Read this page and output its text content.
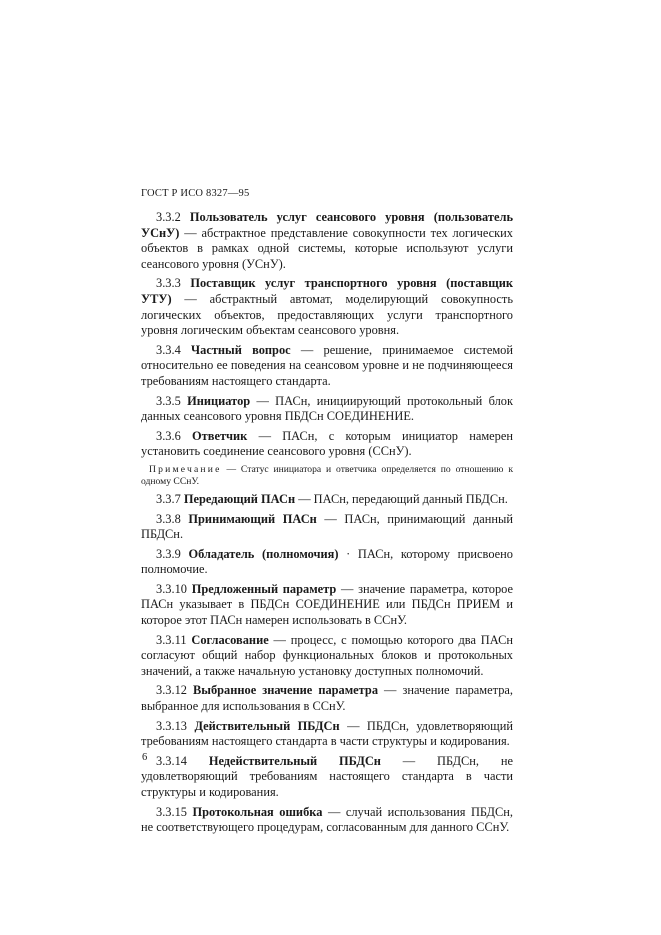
ГОСТ Р ИСО 8327—95

3.3.2 Пользователь услуг сеансового уровня (пользователь УСнУ) — абстрактное представление совокупности тех логических объектов в рамках одной системы, которые используют услуги сеансового уровня (УСнУ).

3.3.3 Поставщик услуг транспортного уровня (поставщик УТУ) — абстрактный автомат, моделирующий совокупность логических объектов, предоставляющих услуги транспортного уровня логическим объектам сеансового уровня.

3.3.4 Частный вопрос — решение, принимаемое системой относительно ее поведения на сеансовом уровне и не подчиняющееся требованиям настоящего стандарта.

3.3.5 Инициатор — ПАСн, инициирующий протокольный блок данных сеансового уровня ПБДСн СОЕДИНЕНИЕ.

3.3.6 Ответчик — ПАСн, с которым инициатор намерен установить соединение сеансового уровня (ССнУ).

Примечание — Статус инициатора и ответчика определяется по отношению к одному ССнУ.

3.3.7 Передающий ПАСн — ПАСн, передающий данный ПБДСн.

3.3.8 Принимающий ПАСн — ПАСн, принимающий данный ПБДСн.

3.3.9 Обладатель (полномочия) · ПАСн, которому присвоено полномочие.

3.3.10 Предложенный параметр — значение параметра, которое ПАСн указывает в ПБДСн СОЕДИНЕНИЕ или ПБДСн ПРИЕМ и которое этот ПАСн намерен использовать в ССнУ.

3.3.11 Согласование — процесс, с помощью которого два ПАСн согласуют общий набор функциональных блоков и протокольных значений, а также начальную установку доступных полномочий.

3.3.12 Выбранное значение параметра — значение параметра, выбранное для использования в ССнУ.

3.3.13 Действительный ПБДСн — ПБДСн, удовлетворяющий требованиям настоящего стандарта в части структуры и кодирования.

3.3.14 Недействительный ПБДСн — ПБДСн, не удовлетворяющий требованиям настоящего стандарта в части структуры и кодирования.

3.3.15 Протокольная ошибка — случай использования ПБДСн, не соответствующего процедурам, согласованным для данного ССнУ.

6
